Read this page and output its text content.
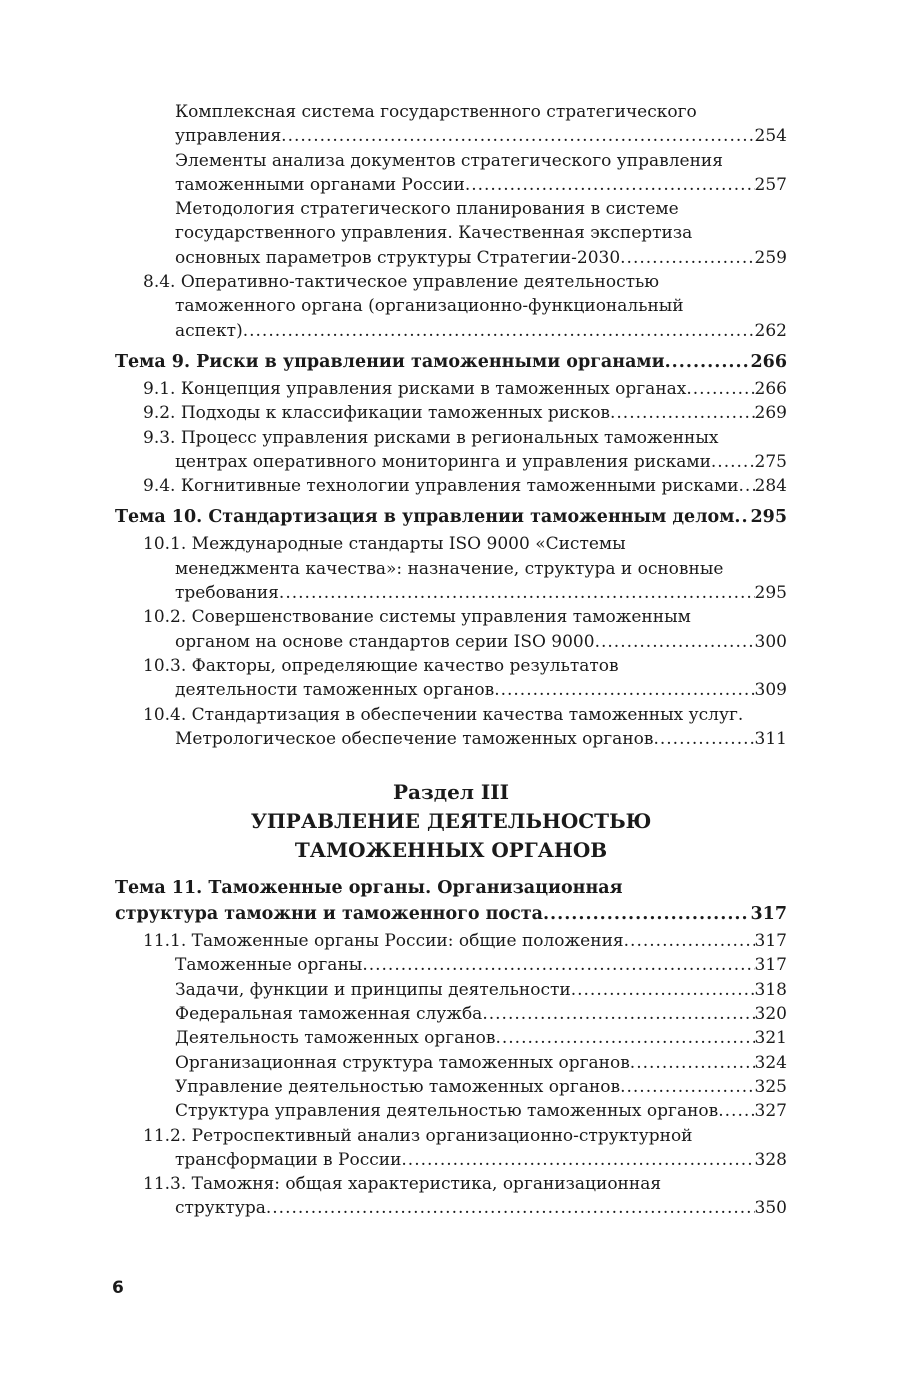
Комплексная система государственного стратегического
управления .....	254
Элементы анализа документов стратегического управления
таможенными органами России .....	257
Методология стратегического планирования в системе
государственного управления. Качественная экспертиза
основных параметров структуры Стратегии-2030 .....	259
8.4. Оперативно-тактическое управление деятельностью
таможенного органа (организационно-функциональный
аспект) .....	262
Тема 9. Риски в управлении таможенными органами .....	266
9.1. Концепция управления рисками в таможенных органах .....	266
9.2. Подходы к классификации таможенных рисков .....	269
9.3. Процесс управления рисками в региональных таможенных
центрах оперативного мониторинга и управления рисками .....	275
9.4. Когнитивные технологии управления таможенными рисками ..... 284
Тема 10. Стандартизация в управлении таможенным делом ..... 295
10.1. Международные стандарты ISO 9000 «Системы
менеджмента качества»: назначение, структура и основные
требования .....	295
10.2. Совершенствование системы управления таможенным
органом на основе стандартов серии ISO 9000 .....	300
10.3. Факторы, определяющие качество результатов
деятельности таможенных органов .....	309
10.4. Стандартизация в обеспечении качества таможенных услуг.
Метрологическое обеспечение таможенных органов .....	311
Раздел III
УПРАВЛЕНИЕ ДЕЯТЕЛЬНОСТЬЮ
ТАМОЖЕННЫХ ОРГАНОВ
Тема 11. Таможенные органы. Организационная
структура таможни и таможенного поста .....	317
11.1. Таможенные органы России: общие положения .....	317
Таможенные органы .....	317
Задачи, функции и принципы деятельности .....	318
Федеральная таможенная служба .....	320
Деятельность таможенных органов .....	321
Организационная структура таможенных органов .....	324
Управление деятельностью таможенных органов .....	325
Структура управления деятельностью таможенных органов ..... 327
11.2. Ретроспективный анализ организационно-структурной
трансформации в России .....	328
11.3. Таможня: общая характеристика, организационная
структура .....	350
6
